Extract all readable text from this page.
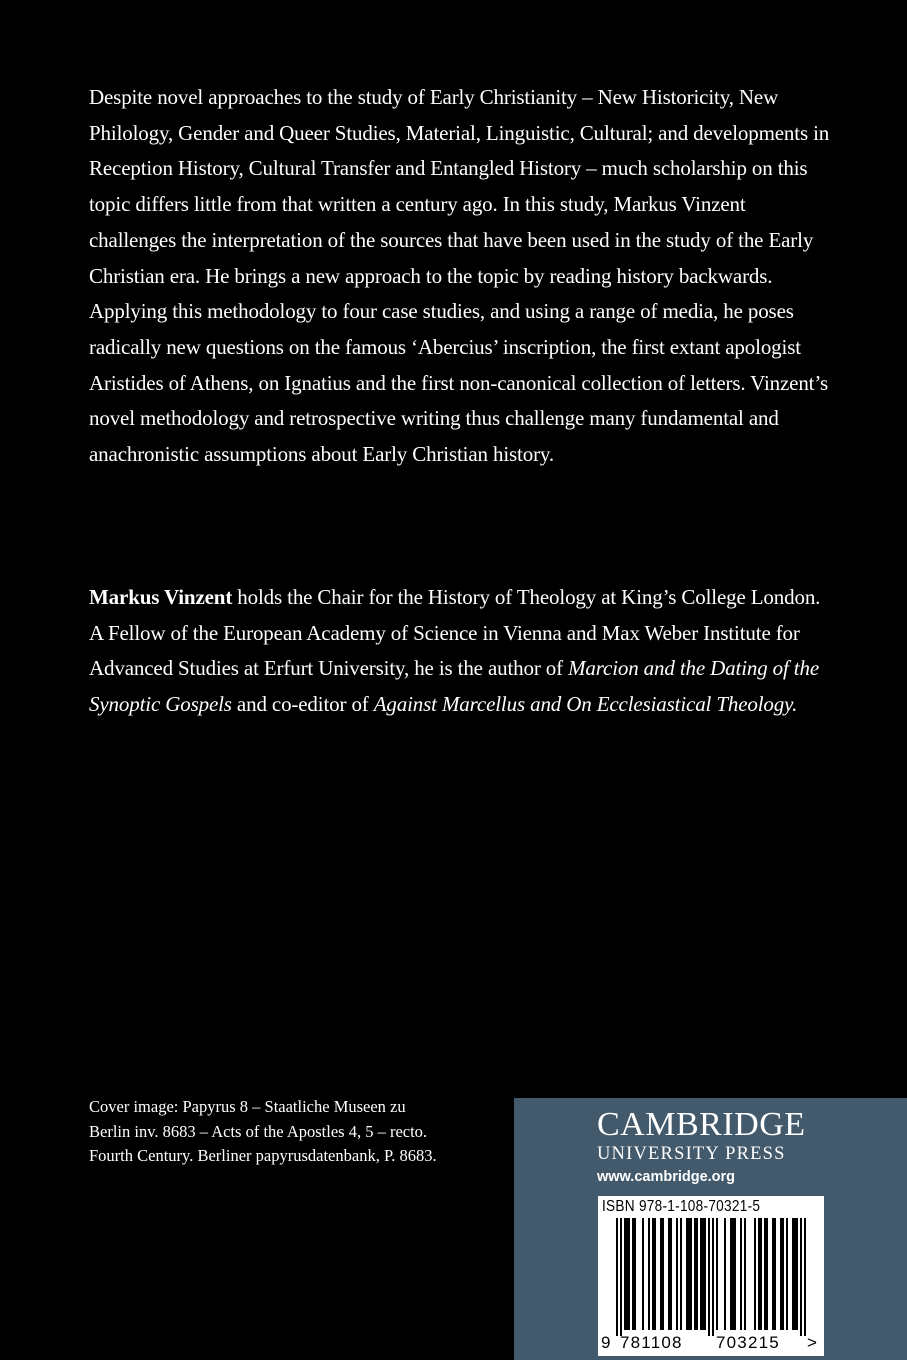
Despite novel approaches to the study of Early Christianity – New Historicity, New Philology, Gender and Queer Studies, Material, Linguistic, Cultural; and developments in Reception History, Cultural Transfer and Entangled History – much scholarship on this topic differs little from that written a century ago. In this study, Markus Vinzent challenges the interpretation of the sources that have been used in the study of the Early Christian era. He brings a new approach to the topic by reading history backwards. Applying this methodology to four case studies, and using a range of media, he poses radically new questions on the famous ‘Abercius’ inscription, the first extant apologist Aristides of Athens, on Ignatius and the first non-canonical collection of letters. Vinzent’s novel methodology and retrospective writing thus challenge many fundamental and anachronistic assumptions about Early Christian history.

Markus Vinzent holds the Chair for the History of Theology at King’s College London. A Fellow of the European Academy of Science in Vienna and Max Weber Institute for Advanced Studies at Erfurt University, he is the author of Marcion and the Dating of the Synoptic Gospels and co-editor of Against Marcellus and On Ecclesiastical Theology.

Cover image: Papyrus 8 – Staatliche Museen zu Berlin inv. 8683 – Acts of the Apostles 4, 5 – recto. Fourth Century. Berliner papyrusdatenbank, P. 8683.

CAMBRIDGE
UNIVERSITY PRESS
www.cambridge.org
ISBN 978-1-108-70321-5
9 781108 703215 >
